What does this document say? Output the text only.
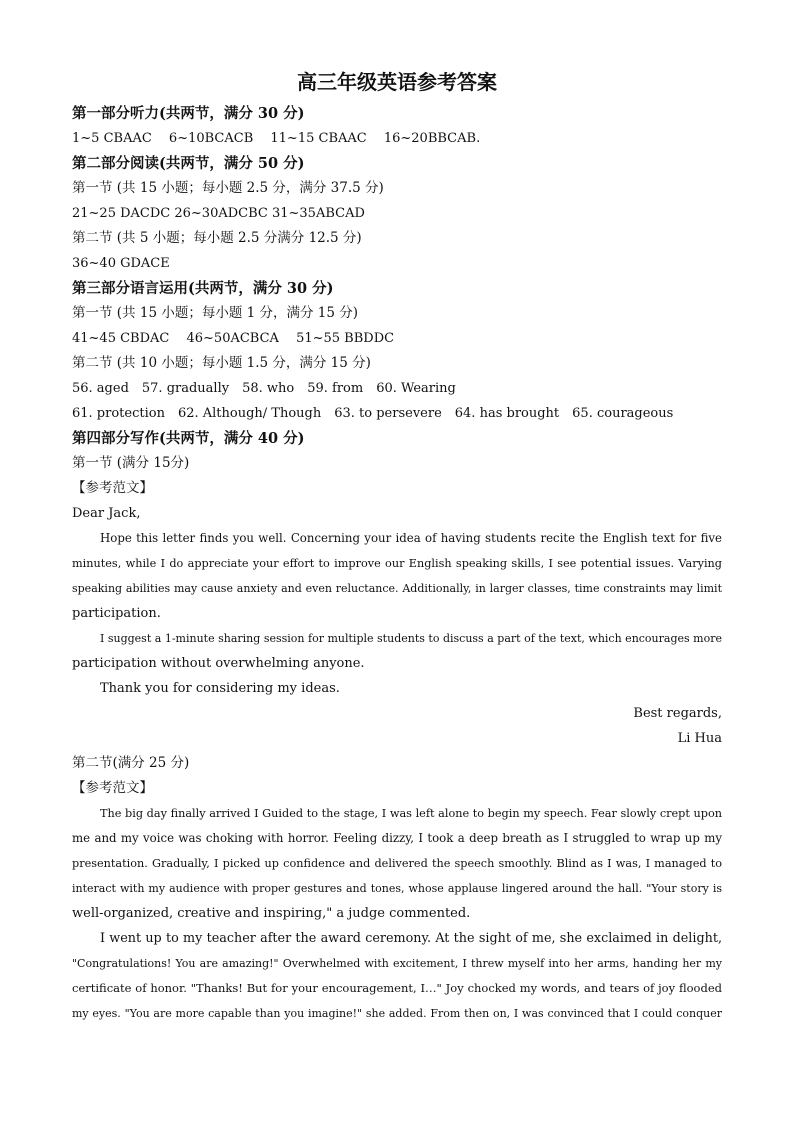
高三年级英语参考答案
第一部分听力(共两节，满分 30 分)
1~5 CBAAC　 6~10BCACB　 11~15 CBAAC　 16~20BBCAB.
第二部分阅读(共两节，满分 50 分)
第一节 (共 15 小题；每小题 2.5 分，满分 37.5 分)
21~25 DACDC 26~30ADCBC 31~35ABCAD
第二节 (共 5 小题；每小题 2.5 分满分 12.5 分)
36~40 GDACE
第三部分语言运用(共两节，满分 30 分)
第一节 (共 15 小题；每小题 1 分，满分 15 分)
41~45 CBDAC　 46~50ACBCA　 51~55 BBDDC
第二节 (共 10 小题；每小题 1.5 分，满分 15 分)
56. aged　57. gradually　58. who　59. from　60. Wearing
61. protection　62. Although/ Though　63. to persevere　64. has brought　65. courageous
第四部分写作(共两节，满分 40 分)
第一节 (满分 15分)
【参考范文】
Dear Jack,
Hope this letter finds you well. Concerning your idea of having students recite the English text for five
minutes, while I do appreciate your effort to improve our English speaking skills, I see potential issues. Varying
speaking abilities may cause anxiety and even reluctance. Additionally, in larger classes, time constraints may limit
participation.
I suggest a 1-minute sharing session for multiple students to discuss a part of the text, which encourages more
participation without overwhelming anyone.
Thank you for considering my ideas.
Best regards,
Li Hua
第二节(满分 25 分)
【参考范文】
The big day finally arrived I Guided to the stage, I was left alone to begin my speech. Fear slowly crept upon
me and my voice was choking with horror. Feeling dizzy, I took a deep breath as I struggled to wrap up my
presentation. Gradually, I picked up confidence and delivered the speech smoothly. Blind as I was, I managed to
interact with my audience with proper gestures and tones, whose applause lingered around the hall. "Your story is
well-organized, creative and inspiring," a judge commented.
I went up to my teacher after the award ceremony. At the sight of me, she exclaimed in delight,
"Congratulations! You are amazing!" Overwhelmed with excitement, I threw myself into her arms, handing her my
certificate of honor. "Thanks! But for your encouragement, I…" Joy chocked my words, and tears of joy flooded
my eyes. "You are more capable than you imagine!" she added. From then on, I was convinced that I could conquer
